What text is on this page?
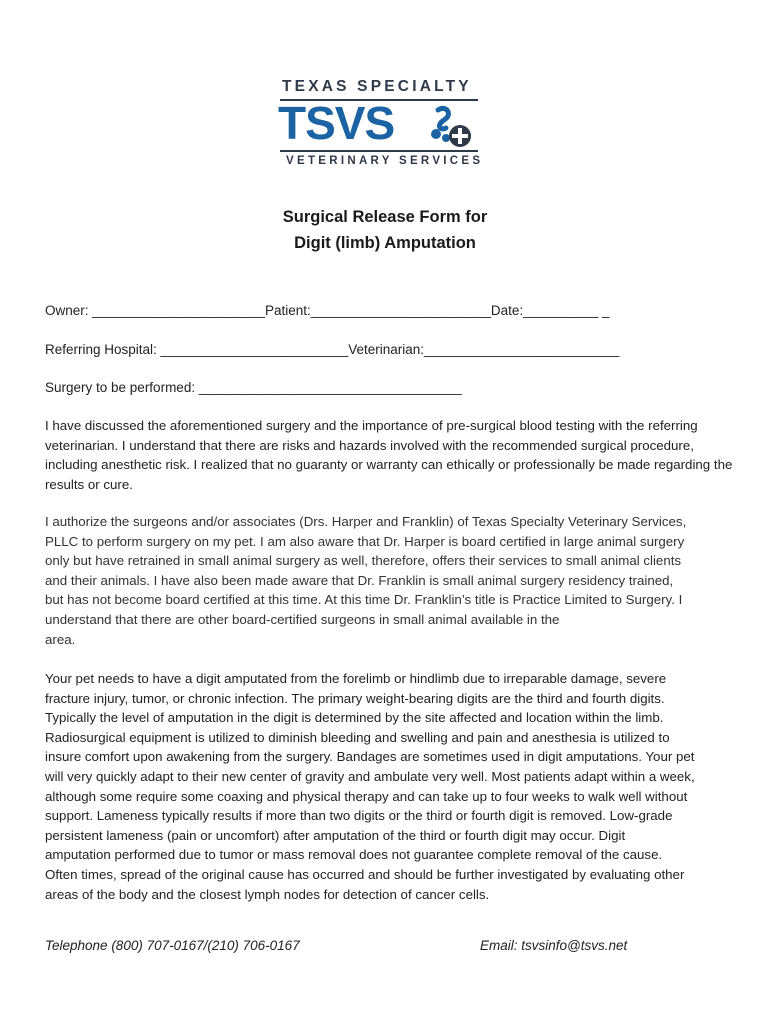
TEXAS SPECIALTY
TSVS
VETERINARY SERVICES
Surgical Release Form for
Digit (limb) Amputation
Owner: _______________________Patient:________________________Date:__________ _
Referring Hospital: _________________________Veterinarian:__________________________
Surgery to be performed: ___________________________________
I have discussed the aforementioned surgery and the importance of pre-surgical blood testing with the referring veterinarian. I understand that there are risks and hazards involved with the recommended surgical procedure, including anesthetic risk. I realized that no guaranty or warranty can ethically or professionally be made regarding the results or cure.
I authorize the surgeons and/or associates (Drs. Harper and Franklin) of Texas Specialty Veterinary Services,
PLLC to perform surgery on my pet. I am also aware that Dr. Harper is board certified in large animal surgery
only but have retrained in small animal surgery as well, therefore, offers their services to small animal clients
and their animals. I have also been made aware that Dr. Franklin is small animal surgery residency trained,
but has not become board certified at this time. At this time Dr. Franklin’s title is Practice Limited to Surgery. I
understand that there are other board-certified surgeons in small animal available in the
area.
Your pet needs to have a digit amputated from the forelimb or hindlimb due to irreparable damage, severe
fracture injury, tumor, or chronic infection. The primary weight-bearing digits are the third and fourth digits.
Typically the level of amputation in the digit is determined by the site affected and location within the limb.
Radiosurgical equipment is utilized to diminish bleeding and swelling and pain and anesthesia is utilized to
insure comfort upon awakening from the surgery. Bandages are sometimes used in digit amputations. Your pet
will very quickly adapt to their new center of gravity and ambulate very well. Most patients adapt within a week,
although some require some coaxing and physical therapy and can take up to four weeks to walk well without
support. Lameness typically results if more than two digits or the third or fourth digit is removed. Low-grade
persistent lameness (pain or uncomfort) after amputation of the third or fourth digit may occur. Digit
amputation performed due to tumor or mass removal does not guarantee complete removal of the cause.
Often times, spread of the original cause has occurred and should be further investigated by evaluating other
areas of the body and the closest lymph nodes for detection of cancer cells.
Telephone (800) 707-0167/(210) 706-0167	Email: tsvsinfo@tsvs.net
